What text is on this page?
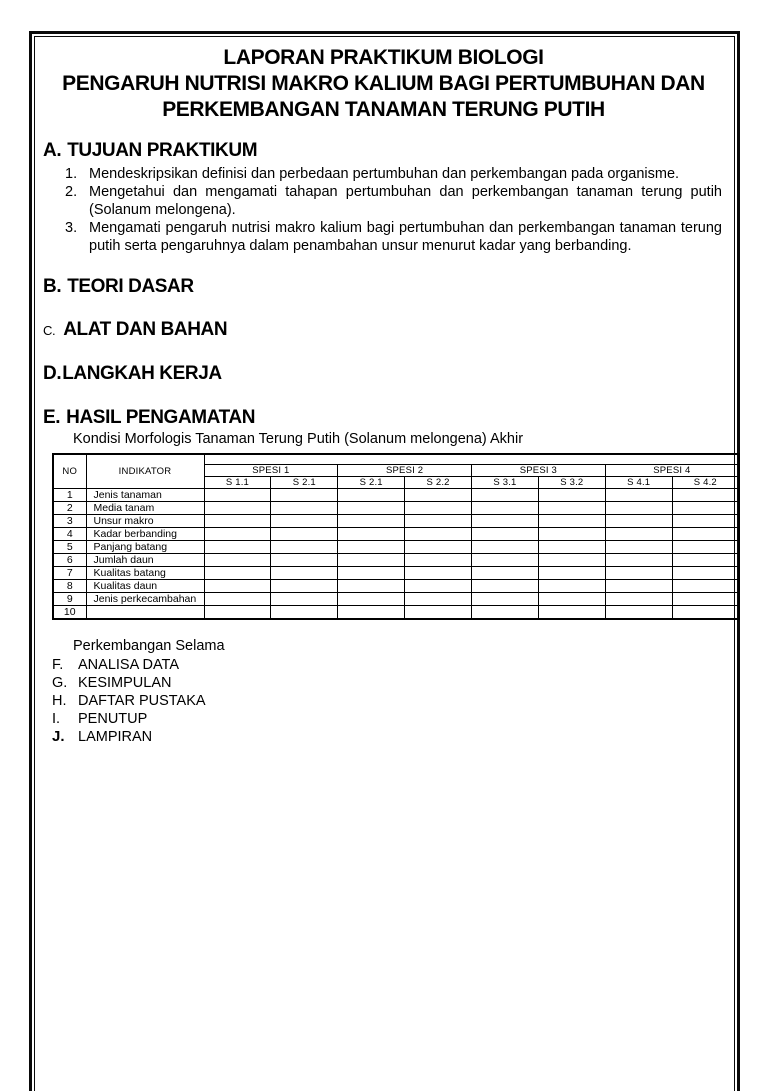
LAPORAN PRAKTIKUM BIOLOGI
PENGARUH NUTRISI MAKRO KALIUM BAGI PERTUMBUHAN DAN
PERKEMBANGAN TANAMAN TERUNG PUTIH
A. TUJUAN PRAKTIKUM
1. Mendeskripsikan definisi dan perbedaan pertumbuhan dan perkembangan pada organisme.
2. Mengetahui dan mengamati tahapan pertumbuhan dan perkembangan tanaman terung putih (Solanum melongena).
3. Mengamati pengaruh nutrisi makro kalium bagi pertumbuhan dan perkembangan tanaman terung putih serta pengaruhnya dalam penambahan unsur menurut kadar yang berbanding.
B. TEORI DASAR
C. ALAT DAN BAHAN
D.LANGKAH KERJA
E. HASIL PENGAMATAN
Kondisi Morfologis Tanaman Terung Putih (Solanum melongena) Akhir
NO	INDIKATOR								
		SPESI 1		SPESI 2		SPESI 3		SPESI 4	
		S 1.1	S 2.1	S 2.1	S 2.2	S 3.1	S 3.2	S 4.1	S 4.2
1	Jenis tanaman								
2	Media tanam								
3	Unsur makro								
4	Kadar berbanding								
5	Panjang batang								
6	Jumlah daun								
7	Kualitas batang								
8	Kualitas daun								
9	Jenis perkecambahan								
10									
Perkembangan Selama
F.	ANALISA DATA
G. KESIMPULAN
H. DAFTAR PUSTAKA
I.	PENUTUP
J. LAMPIRAN
